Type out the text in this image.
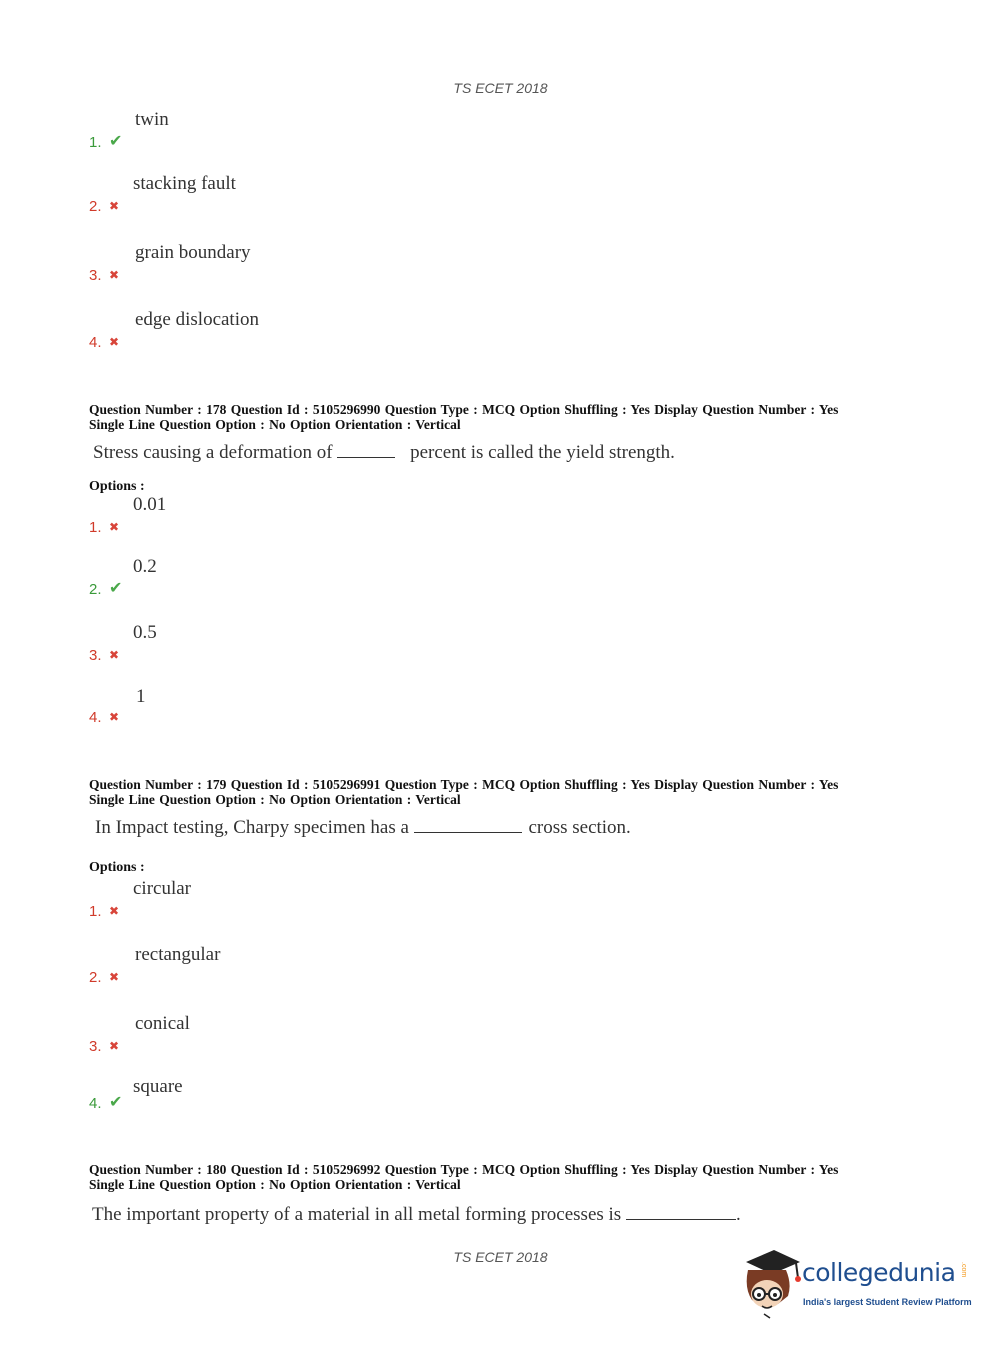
TS ECET 2018
1. ✔
twin
2. ✖
stacking fault
3. ✖
grain boundary
4. ✖
edge dislocation
Question Number : 178 Question Id : 5105296990 Question Type : MCQ Option Shuffling : Yes Display Question Number : Yes
Single Line Question Option : No Option Orientation : Vertical
Stress causing a deformation of	percent is called the yield strength.
Options :
1. ✖
0.01
2. ✔
0.2
3. ✖
0.5
4. ✖
1
Question Number : 179 Question Id : 5105296991 Question Type : MCQ Option Shuffling : Yes Display Question Number : Yes
Single Line Question Option : No Option Orientation : Vertical
In Impact testing, Charpy specimen has a	cross section.
Options :
1. ✖
circular
2. ✖
rectangular
3. ✖
conical
4. ✔
square
Question Number : 180 Question Id : 5105296992 Question Type : MCQ Option Shuffling : Yes Display Question Number : Yes
Single Line Question Option : No Option Orientation : Vertical
The important property of a material in all metal forming processes is	.
TS ECET 2018
collegedunia .com
India's largest Student Review Platform
